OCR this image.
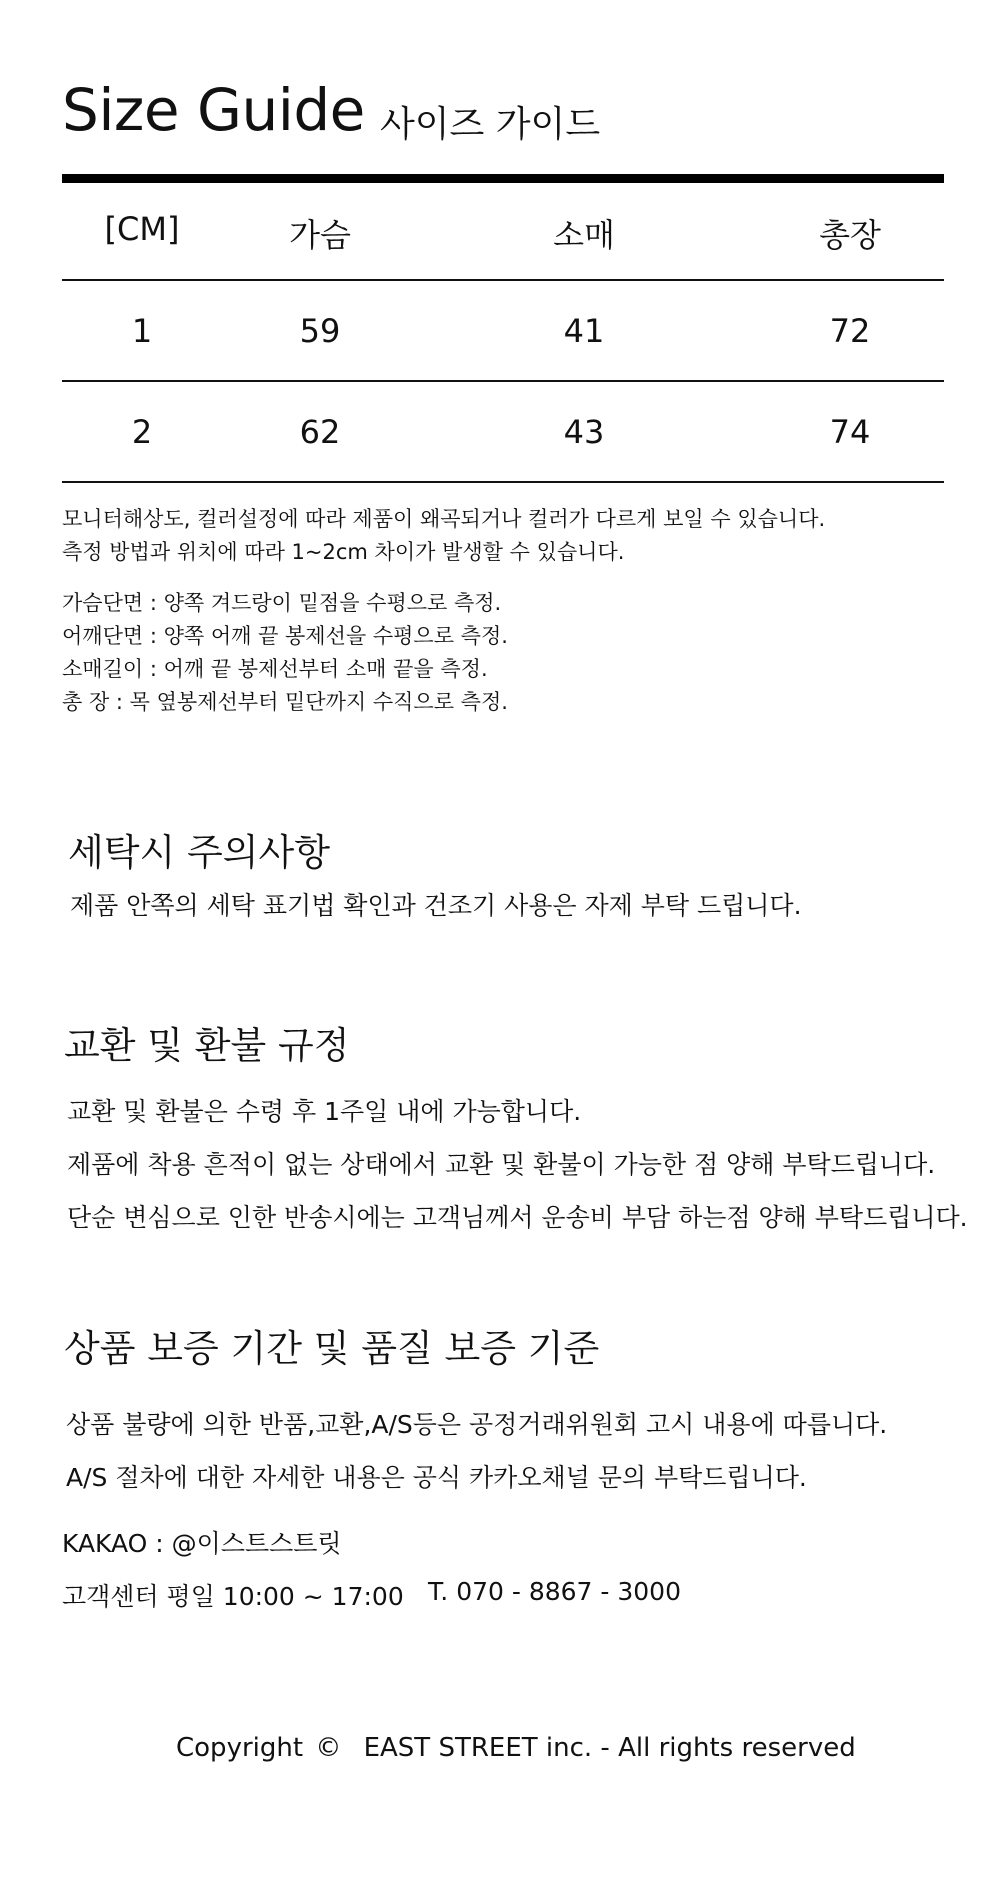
Size Guide 사이즈 가이드
[CM]	가슴	소매	총장
1	59	41	72
2	62	43	74
모니터해상도, 컬러설정에 따라 제품이 왜곡되거나 컬러가 다르게 보일 수 있습니다.
측정 방법과 위치에 따라 1~2cm 차이가 발생할 수 있습니다.
가슴단면 : 양쪽 겨드랑이 밑점을 수평으로 측정.
어깨단면 : 양쪽 어깨 끝 봉제선을 수평으로 측정.
소매길이 : 어깨 끝 봉제선부터 소매 끝을 측정.
총 장 : 목 옆봉제선부터 밑단까지 수직으로 측정.
세탁시 주의사항
제품 안쪽의 세탁 표기법 확인과 건조기 사용은 자제 부탁 드립니다.
교환 및 환불 규정
교환 및 환불은 수령 후 1주일 내에 가능합니다.
제품에 착용 흔적이 없는 상태에서 교환 및 환불이 가능한 점 양해 부탁드립니다.
단순 변심으로 인한 반송시에는 고객님께서 운송비 부담 하는점 양해 부탁드립니다.
상품 보증 기간 및 품질 보증 기준
상품 불량에 의한 반품,교환,A/S등은 공정거래위원회 고시 내용에 따릅니다.
A/S 절차에 대한 자세한 내용은 공식 카카오채널 문의 부탁드립니다.
KAKAO : @이스트스트릿
고객센터 평일 10:00 ~ 17:00 T. 070 - 8867 - 3000
Copyright © EAST STREET inc. - All rights reserved
